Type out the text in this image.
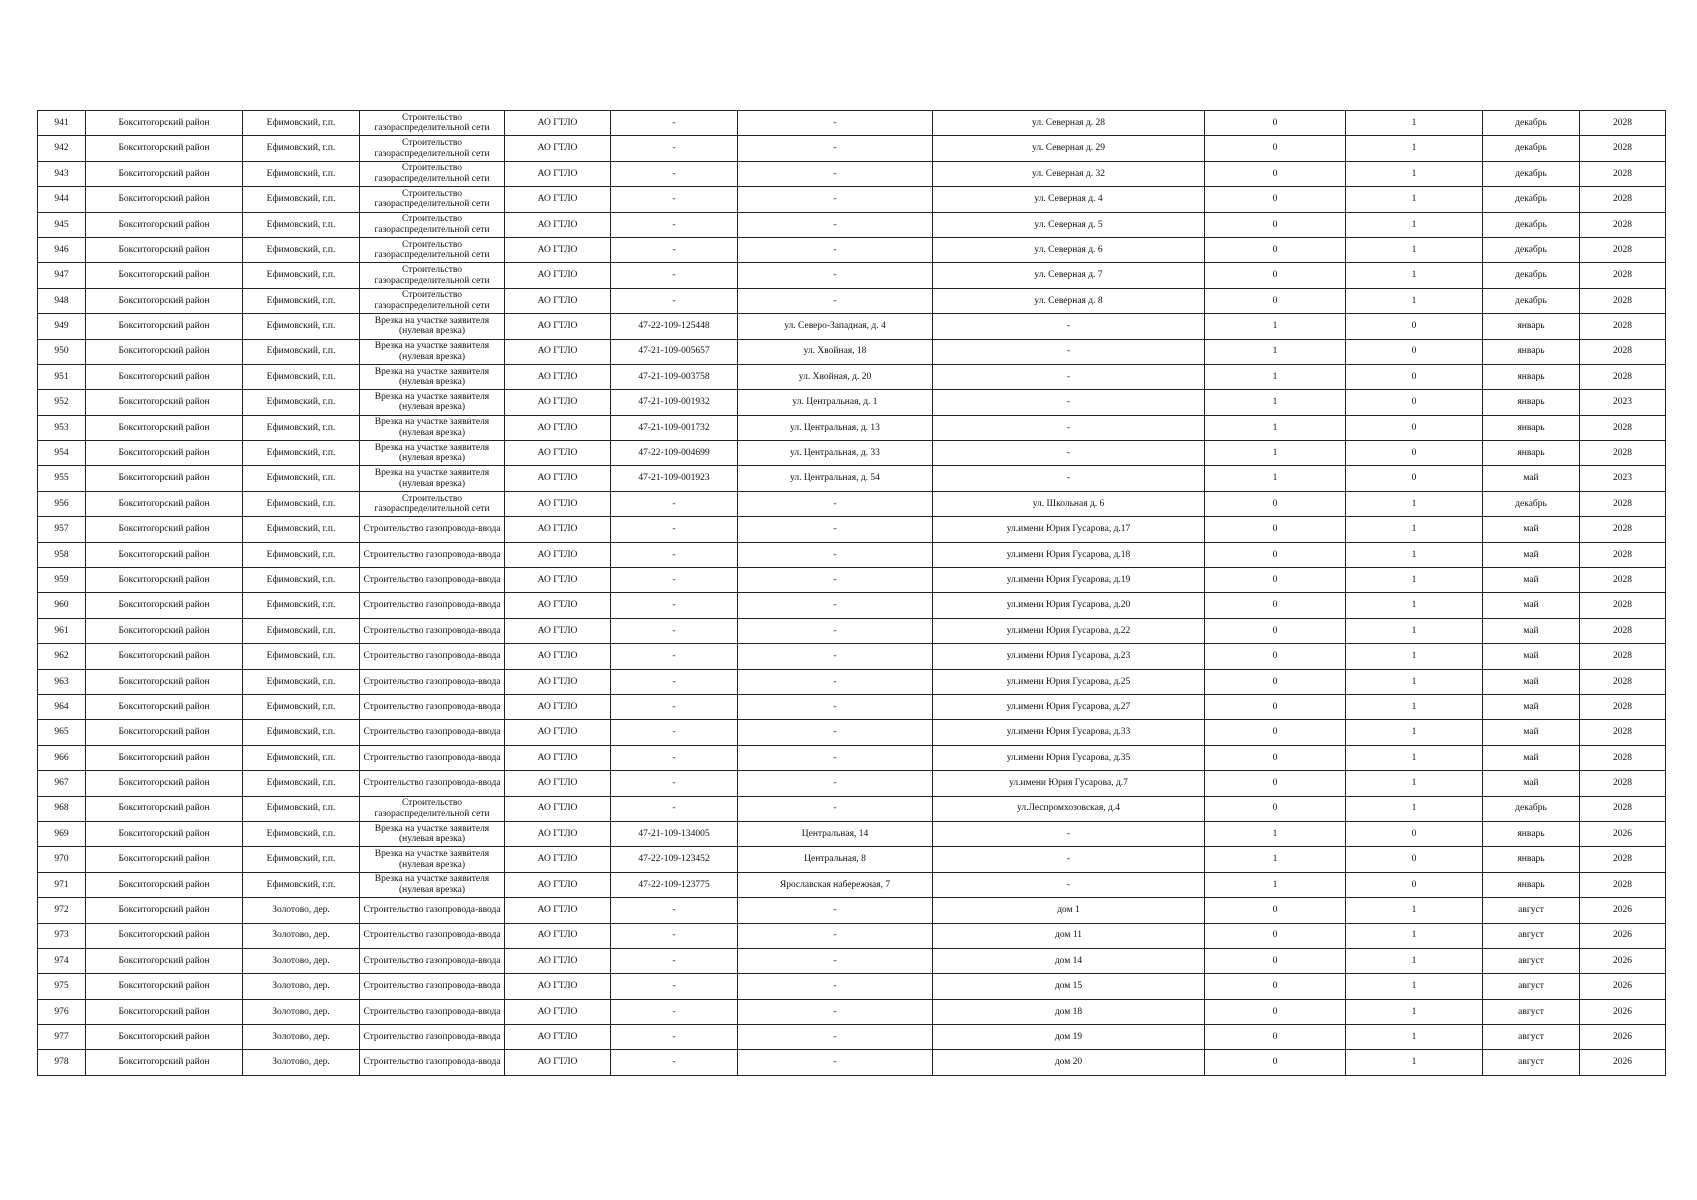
941	Бокситогорский район	Ефимовский, г.п.	Строительство газораспределительной сети	АО ГТЛО	-	-	ул. Северная д. 28	0	1	декабрь	2028
942	Бокситогорский район	Ефимовский, г.п.	Строительство газораспределительной сети	АО ГТЛО	-	-	ул. Северная д. 29	0	1	декабрь	2028
943	Бокситогорский район	Ефимовский, г.п.	Строительство газораспределительной сети	АО ГТЛО	-	-	ул. Северная д. 32	0	1	декабрь	2028
944	Бокситогорский район	Ефимовский, г.п.	Строительство газораспределительной сети	АО ГТЛО	-	-	ул. Северная д. 4	0	1	декабрь	2028
945	Бокситогорский район	Ефимовский, г.п.	Строительство газораспределительной сети	АО ГТЛО	-	-	ул. Северная д. 5	0	1	декабрь	2028
946	Бокситогорский район	Ефимовский, г.п.	Строительство газораспределительной сети	АО ГТЛО	-	-	ул. Северная д. 6	0	1	декабрь	2028
947	Бокситогорский район	Ефимовский, г.п.	Строительство газораспределительной сети	АО ГТЛО	-	-	ул. Северная д. 7	0	1	декабрь	2028
948	Бокситогорский район	Ефимовский, г.п.	Строительство газораспределительной сети	АО ГТЛО	-	-	ул. Северная д. 8	0	1	декабрь	2028
949	Бокситогорский район	Ефимовский, г.п.	Врезка на участке заявителя (нулевая врезка)	АО ГТЛО	47-22-109-125448	ул. Северо-Западная, д. 4	-	1	0	январь	2028
950	Бокситогорский район	Ефимовский, г.п.	Врезка на участке заявителя (нулевая врезка)	АО ГТЛО	47-21-109-005657	ул. Хвойная, 18	-	1	0	январь	2028
951	Бокситогорский район	Ефимовский, г.п.	Врезка на участке заявителя (нулевая врезка)	АО ГТЛО	47-21-109-003758	ул. Хвойная, д. 20	-	1	0	январь	2028
952	Бокситогорский район	Ефимовский, г.п.	Врезка на участке заявителя (нулевая врезка)	АО ГТЛО	47-21-109-001932	ул. Центральная, д. 1	-	1	0	январь	2023
953	Бокситогорский район	Ефимовский, г.п.	Врезка на участке заявителя (нулевая врезка)	АО ГТЛО	47-21-109-001732	ул. Центральная, д. 13	-	1	0	январь	2028
954	Бокситогорский район	Ефимовский, г.п.	Врезка на участке заявителя (нулевая врезка)	АО ГТЛО	47-22-109-004699	ул. Центральная, д. 33	-	1	0	январь	2028
955	Бокситогорский район	Ефимовский, г.п.	Врезка на участке заявителя (нулевая врезка)	АО ГТЛО	47-21-109-001923	ул. Центральная, д. 54	-	1	0	май	2023
956	Бокситогорский район	Ефимовский, г.п.	Строительство газораспределительной сети	АО ГТЛО	-	-	ул. Школьная д. 6	0	1	декабрь	2028
957	Бокситогорский район	Ефимовский, г.п.	Строительство газопровода-ввода	АО ГТЛО	-	-	ул.имени Юрия Гусарова, д.17	0	1	май	2028
958	Бокситогорский район	Ефимовский, г.п.	Строительство газопровода-ввода	АО ГТЛО	-	-	ул.имени Юрия Гусарова, д.18	0	1	май	2028
959	Бокситогорский район	Ефимовский, г.п.	Строительство газопровода-ввода	АО ГТЛО	-	-	ул.имени Юрия Гусарова, д.19	0	1	май	2028
960	Бокситогорский район	Ефимовский, г.п.	Строительство газопровода-ввода	АО ГТЛО	-	-	ул.имени Юрия Гусарова, д.20	0	1	май	2028
961	Бокситогорский район	Ефимовский, г.п.	Строительство газопровода-ввода	АО ГТЛО	-	-	ул.имени Юрия Гусарова, д.22	0	1	май	2028
962	Бокситогорский район	Ефимовский, г.п.	Строительство газопровода-ввода	АО ГТЛО	-	-	ул.имени Юрия Гусарова, д.23	0	1	май	2028
963	Бокситогорский район	Ефимовский, г.п.	Строительство газопровода-ввода	АО ГТЛО	-	-	ул.имени Юрия Гусарова, д.25	0	1	май	2028
964	Бокситогорский район	Ефимовский, г.п.	Строительство газопровода-ввода	АО ГТЛО	-	-	ул.имени Юрия Гусарова, д.27	0	1	май	2028
965	Бокситогорский район	Ефимовский, г.п.	Строительство газопровода-ввода	АО ГТЛО	-	-	ул.имени Юрия Гусарова, д.33	0	1	май	2028
966	Бокситогорский район	Ефимовский, г.п.	Строительство газопровода-ввода	АО ГТЛО	-	-	ул.имени Юрия Гусарова, д.35	0	1	май	2028
967	Бокситогорский район	Ефимовский, г.п.	Строительство газопровода-ввода	АО ГТЛО	-	-	ул.имени Юрия Гусарова, д.7	0	1	май	2028
968	Бокситогорский район	Ефимовский, г.п.	Строительство газораспределительной сети	АО ГТЛО	-	-	ул.Леспромхозовская, д.4	0	1	декабрь	2028
969	Бокситогорский район	Ефимовский, г.п.	Врезка на участке заявителя (нулевая врезка)	АО ГТЛО	47-21-109-134005	Центральная, 14	-	1	0	январь	2026
970	Бокситогорский район	Ефимовский, г.п.	Врезка на участке заявителя (нулевая врезка)	АО ГТЛО	47-22-109-123452	Центральная, 8	-	1	0	январь	2028
971	Бокситогорский район	Ефимовский, г.п.	Врезка на участке заявителя (нулевая врезка)	АО ГТЛО	47-22-109-123775	Ярославская набережная, 7	-	1	0	январь	2028
972	Бокситогорский район	Золотово, дер.	Строительство газопровода-ввода	АО ГТЛО	-	-	дом 1	0	1	август	2026
973	Бокситогорский район	Золотово, дер.	Строительство газопровода-ввода	АО ГТЛО	-	-	дом 11	0	1	август	2026
974	Бокситогорский район	Золотово, дер.	Строительство газопровода-ввода	АО ГТЛО	-	-	дом 14	0	1	август	2026
975	Бокситогорский район	Золотово, дер.	Строительство газопровода-ввода	АО ГТЛО	-	-	дом 15	0	1	август	2026
976	Бокситогорский район	Золотово, дер.	Строительство газопровода-ввода	АО ГТЛО	-	-	дом 18	0	1	август	2026
977	Бокситогорский район	Золотово, дер.	Строительство газопровода-ввода	АО ГТЛО	-	-	дом 19	0	1	август	2026
978	Бокситогорский район	Золотово, дер.	Строительство газопровода-ввода	АО ГТЛО	-	-	дом 20	0	1	август	2026
